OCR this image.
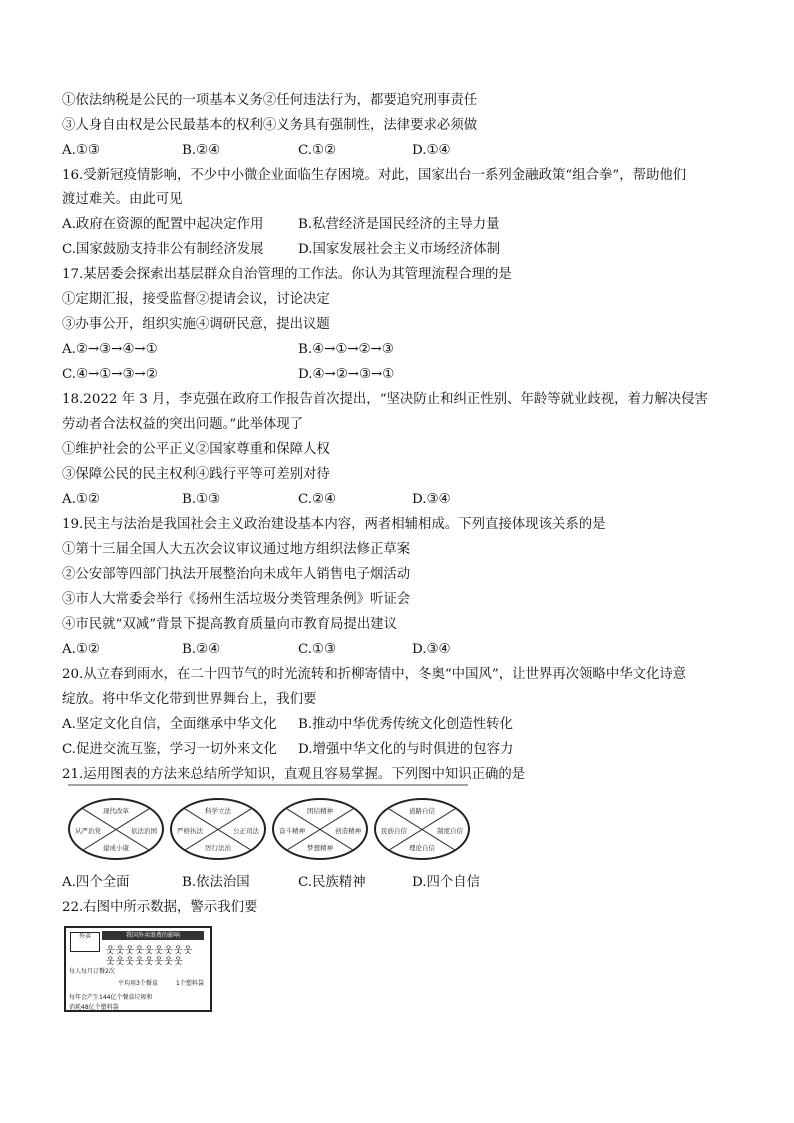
①依法纳税是公民的一项基本义务②任何违法行为，都要追究刑事责任
③人身自由权是公民最基本的权利④义务具有强制性，法律要求必须做
A.①③	B.②④	C.①②	D.①④
16.受新冠疫情影响，不少中小微企业面临生存困境。对此，国家出台一系列金融政策“组合拳”，帮助他们
渡过难关。由此可见
A.政府在资源的配置中起决定作用	B.私营经济是国民经济的主导力量
C.国家鼓励支持非公有制经济发展	D.国家发展社会主义市场经济体制
17.某居委会探索出基层群众自治管理的工作法。你认为其管理流程合理的是
①定期汇报，接受监督②提请会议，讨论决定
③办事公开，组织实施④调研民意，提出议题
A.②→③→④→①	B.④→①→②→③
C.④→①→③→②	D.④→②→③→①
18.2022 年 3 月，李克强在政府工作报告首次提出，“坚决防止和纠正性别、年龄等就业歧视，着力解决侵害
劳动者合法权益的突出问题。”此举体现了
①维护社会的公平正义②国家尊重和保障人权
③保障公民的民主权利④践行平等可差别对待
A.①②	B.①③	C.②④	D.③④
19.民主与法治是我国社会主义政治建设基本内容，两者相辅相成。下列直接体现该关系的是
①第十三届全国人大五次会议审议通过地方组织法修正草案
②公安部等四部门执法开展整治向未成年人销售电子烟活动
③市人大常委会举行《扬州生活垃圾分类管理条例》听证会
④市民就“双减”背景下提高教育质量向市教育局提出建议
A.①②	B.②④	C.①③	D.③④
20.从立春到雨水，在二十四节气的时光流转和折柳寄情中，冬奥“中国风”，让世界再次领略中华文化诗意
绽放。将中华文化带到世界舞台上，我们要
A.坚定文化自信，全面继承中华文化 B.推动中华优秀传统文化创造性转化
C.促进交流互鉴，学习一切外来文化 D.增强中华文化的与时俱进的包容力
21.运用图表的方法来总结所学知识，直观且容易掌握。下列图中知识正确的是
现代改革
从严治党	依法治国
建成小康
科学立法
严格执法	公正司法
厉行法治
团结精神
奋斗精神	创造精神
梦想精神
道路自信
民族自信	制度自信
理论自信
A.四个全面	B.依法治国	C.民族精神	D.四个自信
22.右图中所示数据，警示我们要
我国外卖浪费的影响
外卖
웃웃웃웃웃웃웃웃웃
웃웃웃웃웃웃웃웃
每人每月订餐2次
平均用3个餐盒	1个塑料袋
每年会产生144亿个餐盒垃圾和
消耗48亿个塑料袋
